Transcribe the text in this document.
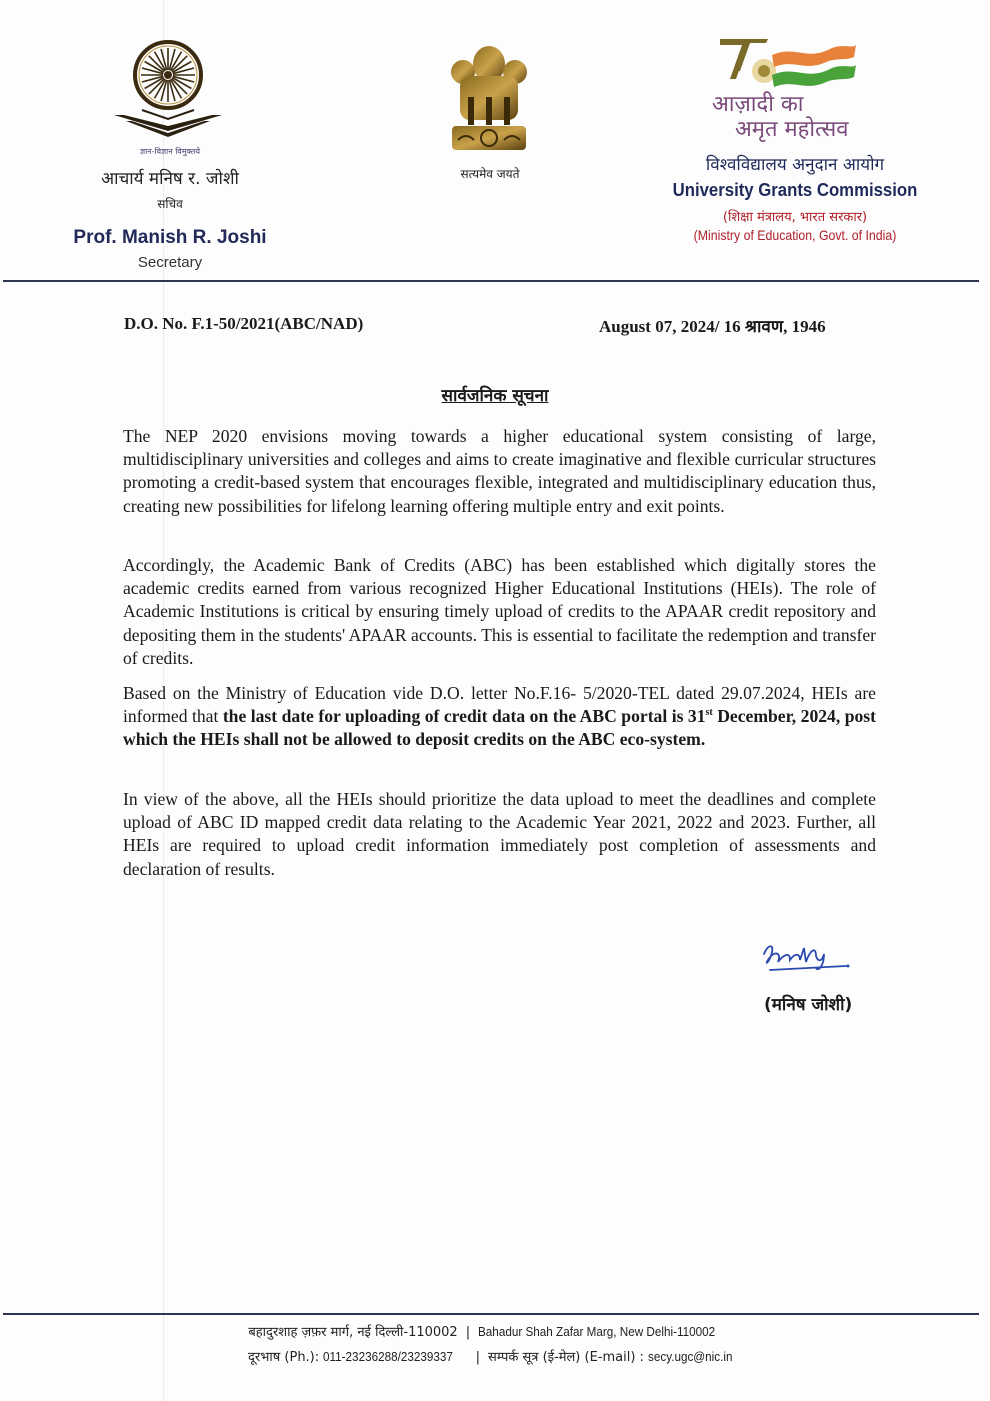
ज्ञान-विज्ञान विमुक्तये
आचार्य मनिष र. जोशी
सचिव
Prof. Manish R. Joshi
Secretary
सत्यमेव जयते
आज़ादी का
अमृत महोत्सव
विश्वविद्यालय अनुदान आयोग
University Grants Commission
(शिक्षा मंत्रालय, भारत सरकार)
(Ministry of Education, Govt. of India)
D.O. No. F.1-50/2021(ABC/NAD)	August 07, 2024/ 16 श्रावण, 1946
सार्वजनिक सूचना
The NEP 2020 envisions moving towards a higher educational system consisting of large, multidisciplinary universities and colleges and aims to create imaginative and flexible curricular structures promoting a credit-based system that encourages flexible, integrated and multidisciplinary education thus, creating new possibilities for lifelong learning offering multiple entry and exit points.
Accordingly, the Academic Bank of Credits (ABC) has been established which digitally stores the academic credits earned from various recognized Higher Educational Institutions (HEIs). The role of Academic Institutions is critical by ensuring timely upload of credits to the APAAR credit repository and depositing them in the students' APAAR accounts. This is essential to facilitate the redemption and transfer of credits.
Based on the Ministry of Education vide D.O. letter No.F.16- 5/2020-TEL dated 29.07.2024, HEIs are informed that the last date for uploading of credit data on the ABC portal is 31st December, 2024, post which the HEIs shall not be allowed to deposit credits on the ABC eco-system.
In view of the above, all the HEIs should prioritize the data upload to meet the deadlines and complete upload of ABC ID mapped credit data relating to the Academic Year 2021, 2022 and 2023. Further, all HEIs are required to upload credit information immediately post completion of assessments and declaration of results.
(मनिष जोशी)
बहादुरशाह ज़फ़र मार्ग, नई दिल्ली-110002 | Bahadur Shah Zafar Marg, New Delhi-110002
दूरभाष (Ph.): 011-23236288/23239337 | सम्पर्क सूत्र (ई-मेल) (E-mail) : secy.ugc@nic.in
